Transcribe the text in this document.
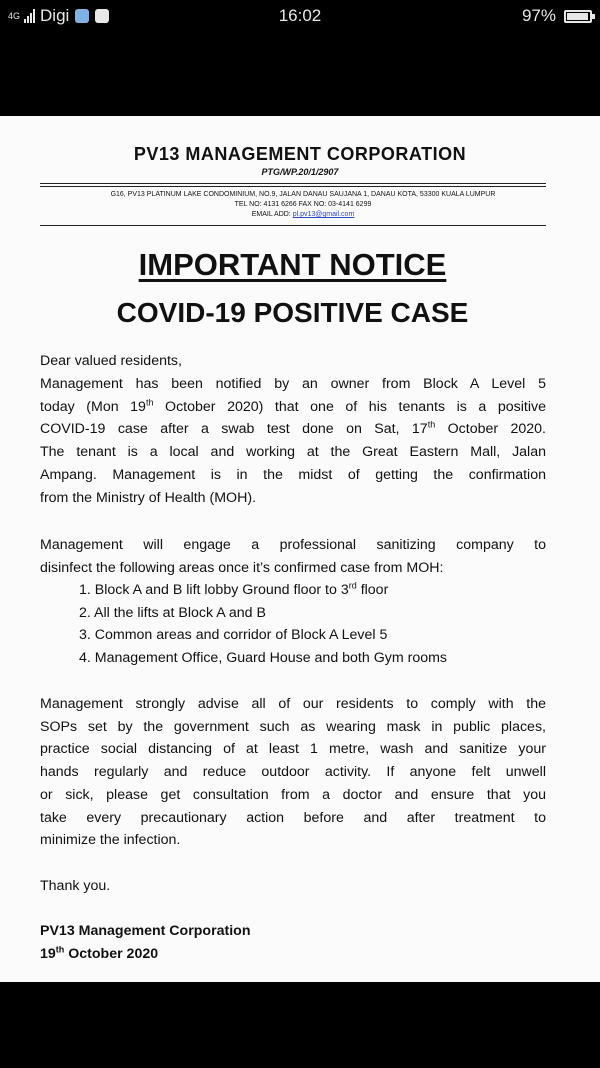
4G Digi	16:02	97%
PV13 MANAGEMENT CORPORATION
PTG/WP.20/1/2907
G16, PV13 PLATINUM LAKE CONDOMINIUM, NO.9, JALAN DANAU SAUJANA 1, DANAU KOTA, 53300 KUALA LUMPUR
TEL NO: 4131 6266 FAX NO: 03-4141 6299
EMAIL ADD: pl.pv13@gmail.com
IMPORTANT NOTICE
COVID-19 POSITIVE CASE
Dear valued residents,
Management has been notified by an owner from Block A Level 5
today (Mon 19th October 2020) that one of his tenants is a positive
COVID-19 case after a swab test done on Sat, 17th October 2020.
The tenant is a local and working at the Great Eastern Mall, Jalan
Ampang. Management is in the midst of getting the confirmation
from the Ministry of Health (MOH).
Management will engage a professional sanitizing company to
disinfect the following areas once it’s confirmed case from MOH:
1. Block A and B lift lobby Ground floor to 3rd floor
2. All the lifts at Block A and B
3. Common areas and corridor of Block A Level 5
4. Management Office, Guard House and both Gym rooms
Management strongly advise all of our residents to comply with the
SOPs set by the government such as wearing mask in public places,
practice social distancing of at least 1 metre, wash and sanitize your
hands regularly and reduce outdoor activity. If anyone felt unwell
or sick, please get consultation from a doctor and ensure that you
take every precautionary action before and after treatment to
minimize the infection.
Thank you.
PV13 Management Corporation
19th October 2020
